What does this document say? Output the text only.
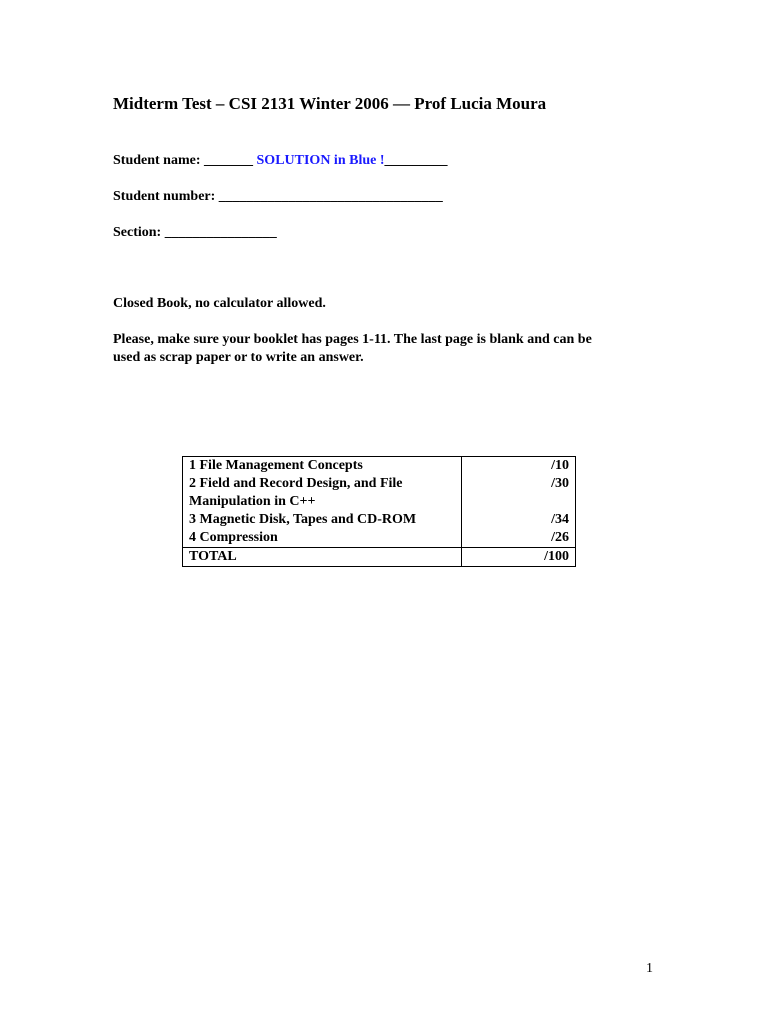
Midterm Test – CSI 2131 Winter 2006 — Prof Lucia Moura
Student name: _______ SOLUTION in Blue !_________
Student number: ________________________________
Section: ________________
Closed Book, no calculator allowed.
Please, make sure your booklet has pages 1-11. The last page is blank and can be
used as scrap paper or to write an answer.
1 File Management Concepts	/10
2 Field and Record Design, and File Manipulation in C++	/30
3 Magnetic Disk, Tapes and CD-ROM	/34
4 Compression	/26
TOTAL	/100
1
